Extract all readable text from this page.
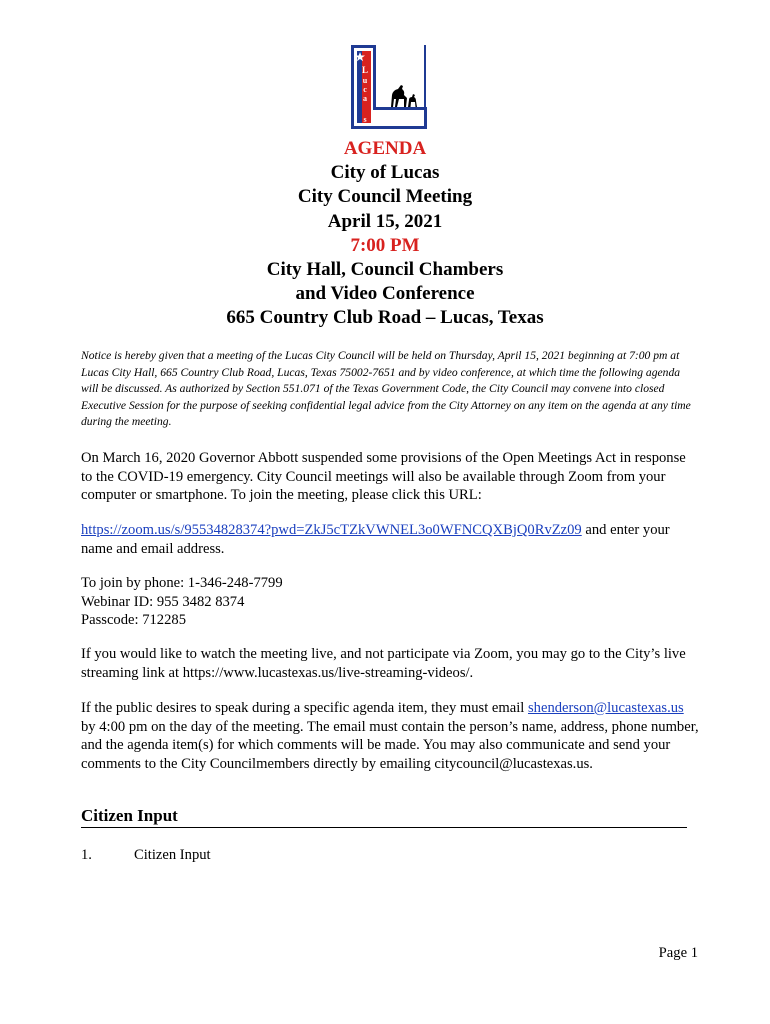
L
u
c
a
s
AGENDA
City of Lucas
City Council Meeting
April 15, 2021
7:00 PM
City Hall, Council Chambers
and Video Conference
665 Country Club Road – Lucas, Texas
Notice is hereby given that a meeting of the Lucas City Council will be held on Thursday, April 15, 2021 beginning at 7:00 pm at Lucas City Hall, 665 Country Club Road, Lucas, Texas 75002-7651 and by video conference, at which time the following agenda will be discussed. As authorized by Section 551.071 of the Texas Government Code, the City Council may convene into closed Executive Session for the purpose of seeking confidential legal advice from the City Attorney on any item on the agenda at any time during the meeting.
On March 16, 2020 Governor Abbott suspended some provisions of the Open Meetings Act in response to the COVID-19 emergency. City Council meetings will also be available through Zoom from your computer or smartphone. To join the meeting, please click this URL:
https://zoom.us/s/95534828374?pwd=ZkJ5cTZkVWNEL3o0WFNCQXBjQ0RvZz09 and enter your name and email address.
To join by phone: 1-346-248-7799
Webinar ID: 955 3482 8374
Passcode: 712285
If you would like to watch the meeting live, and not participate via Zoom, you may go to the City’s live streaming link at https://www.lucastexas.us/live-streaming-videos/.
If the public desires to speak during a specific agenda item, they must email shenderson@lucastexas.us by 4:00 pm on the day of the meeting. The email must contain the person’s name, address, phone number, and the agenda item(s) for which comments will be made. You may also communicate and send your comments to the City Councilmembers directly by emailing citycouncil@lucastexas.us.
Citizen Input
1.	Citizen Input
Page 1
